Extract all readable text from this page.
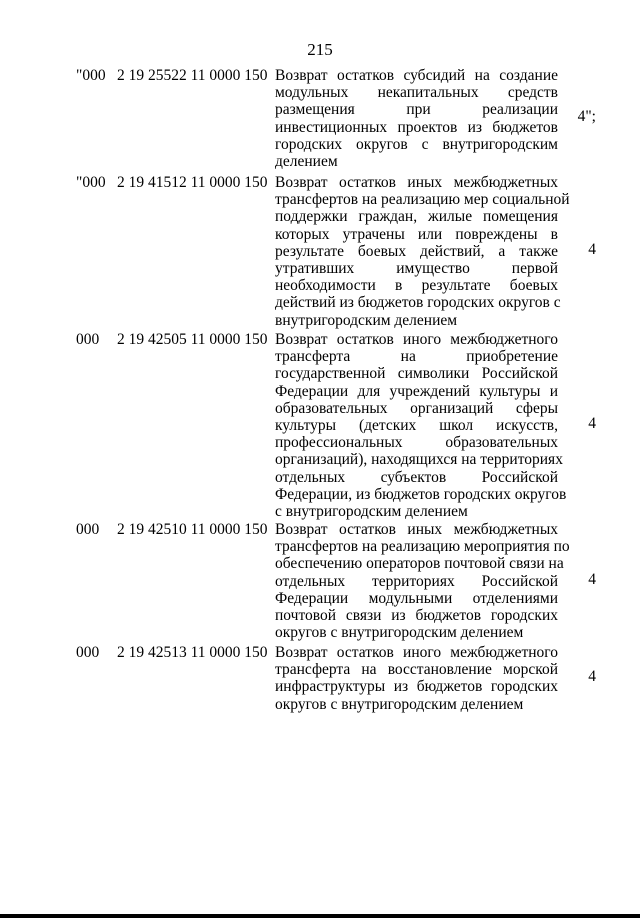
215
"000 2 19 25522 11 0000 150 Возврат остатков субсидий на создание
модульных некапитальных средств
размещения при реализации
инвестиционных проектов из бюджетов
городских округов с внутригородским
делением
4";
"000 2 19 41512 11 0000 150 Возврат остатков иных межбюджетных
трансфертов на реализацию мер социальной
поддержки граждан, жилые помещения
которых утрачены или повреждены в
результате боевых действий, а также
утративших имущество первой
необходимости в результате боевых
действий из бюджетов городских округов с
внутригородским делением
4
000 2 19 42505 11 0000 150 Возврат остатков иного межбюджетного
трансферта на приобретение
государственной символики Российской
Федерации для учреждений культуры и
образовательных организаций сферы
культуры (детских школ искусств,
профессиональных образовательных
организаций), находящихся на территориях
отдельных субъектов Российской
Федерации, из бюджетов городских округов
с внутригородским делением
4
000 2 19 42510 11 0000 150 Возврат остатков иных межбюджетных
трансфертов на реализацию мероприятия по
обеспечению операторов почтовой связи на
отдельных территориях Российской
Федерации модульными отделениями
почтовой связи из бюджетов городских
округов с внутригородским делением
4
000 2 19 42513 11 0000 150 Возврат остатков иного межбюджетного
трансферта на восстановление морской
инфраструктуры из бюджетов городских
округов с внутригородским делением
4
